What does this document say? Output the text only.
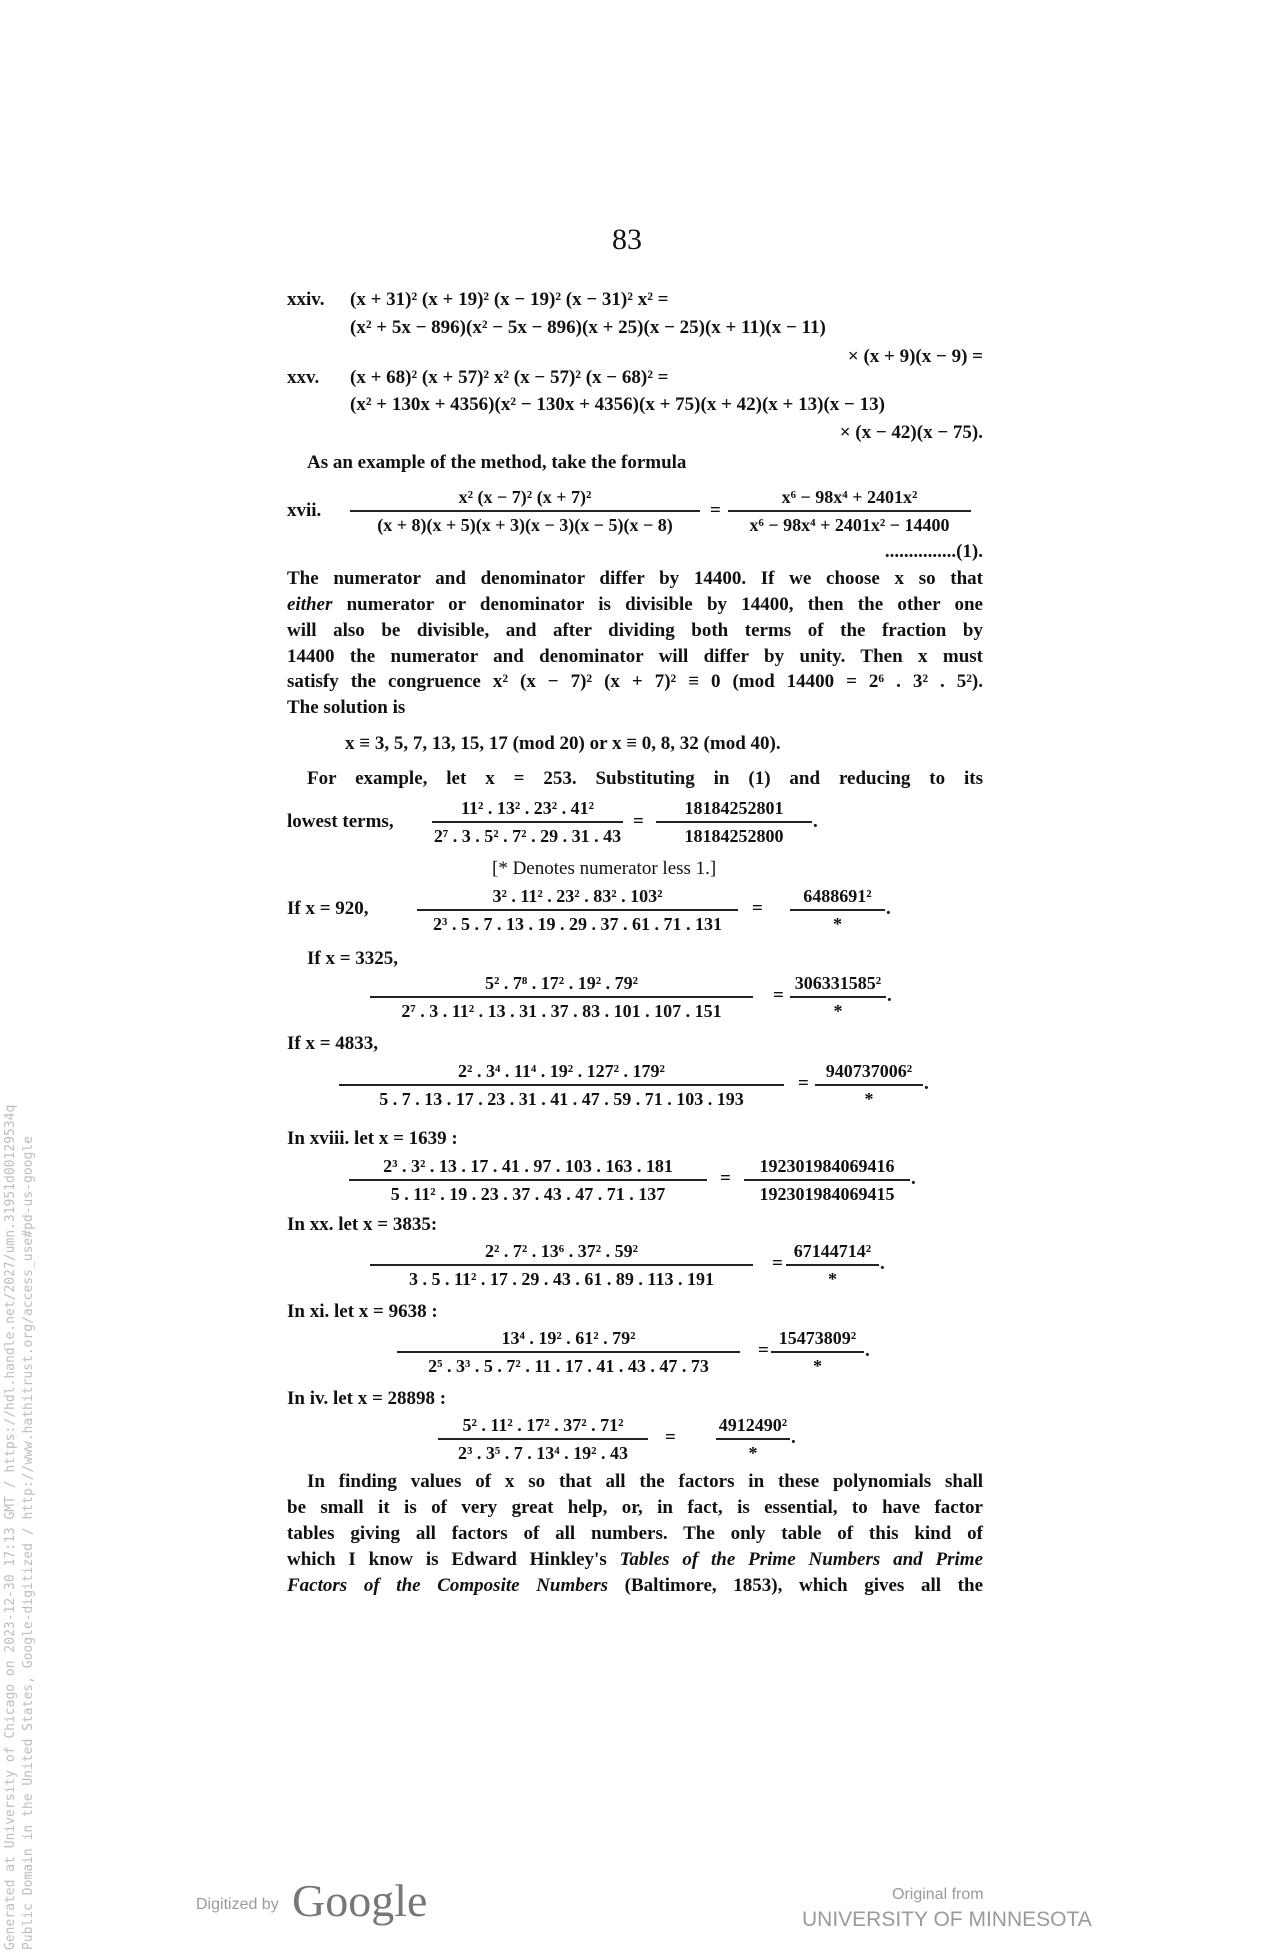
83
xxiv. (x + 31)² (x + 19)² (x − 19)² (x − 31)² x² =
(x² + 5x − 896)(x² − 5x − 896)(x + 25)(x − 25)(x + 11)(x − 11)
× (x + 9)(x − 9) =
xxv. (x + 68)² (x + 57)² x² (x − 57)² (x − 68)² =
(x² + 130x + 4356)(x² − 130x + 4356)(x + 75)(x + 42)(x + 13)(x − 13)
× (x − 42)(x − 75).
As an example of the method, take the formula
xvii.
x² (x − 7)² (x + 7)²
(x + 8)(x + 5)(x + 3)(x − 3)(x − 5)(x − 8)
=
x⁶ − 98x⁴ + 2401x²
x⁶ − 98x⁴ + 2401x² − 14400
...............(1).
The numerator and denominator differ by 14400. If we choose x so that
either numerator or denominator is divisible by 14400, then the other one
will also be divisible, and after dividing both terms of the fraction by
14400 the numerator and denominator will differ by unity. Then x must
satisfy the congruence x² (x − 7)² (x + 7)² ≡ 0 (mod 14400 = 2⁶ . 3² . 5²).
The solution is
x ≡ 3, 5, 7, 13, 15, 17 (mod 20) or x ≡ 0, 8, 32 (mod 40).
For example, let x = 253. Substituting in (1) and reducing to its
lowest terms,
11² . 13² . 23² . 41²
2⁷ . 3 . 5² . 7² . 29 . 31 . 43
=
18184252801
18184252800
.
[* Denotes numerator less 1.]
If x = 920,
3² . 11² . 23² . 83² . 103²
2³ . 5 . 7 . 13 . 19 . 29 . 37 . 61 . 71 . 131
=
6488691²
*
.
If x = 3325,
5² . 7⁸ . 17² . 19² . 79²
2⁷ . 3 . 11² . 13 . 31 . 37 . 83 . 101 . 107 . 151
=
306331585²
*
.
If x = 4833,
2² . 3⁴ . 11⁴ . 19² . 127² . 179²
5 . 7 . 13 . 17 . 23 . 31 . 41 . 47 . 59 . 71 . 103 . 193
=
940737006²
*
.
In xviii. let x = 1639 :
2³ . 3² . 13 . 17 . 41 . 97 . 103 . 163 . 181
5 . 11² . 19 . 23 . 37 . 43 . 47 . 71 . 137
=
192301984069416
192301984069415
.
In xx. let x = 3835:
2² . 7² . 13⁶ . 37² . 59²
3 . 5 . 11² . 17 . 29 . 43 . 61 . 89 . 113 . 191
=
67144714²
*
.
In xi. let x = 9638 :
13⁴ . 19² . 61² . 79²
2⁵ . 3³ . 5 . 7² . 11 . 17 . 41 . 43 . 47 . 73
=
15473809²
*
.
In iv. let x = 28898 :
5² . 11² . 17² . 37² . 71²
2³ . 3⁵ . 7 . 13⁴ . 19² . 43
=
4912490²
*
.
In finding values of x so that all the factors in these polynomials shall
be small it is of very great help, or, in fact, is essential, to have factor
tables giving all factors of all numbers. The only table of this kind of
which I know is Edward Hinkley's Tables of the Prime Numbers and Prime
Factors of the Composite Numbers (Baltimore, 1853), which gives all the
Generated at University of Chicago on 2023-12-30 17:13 GMT / https://hdl.handle.net/2027/umn.31951d00129534q Public Domain in the United States, Google-digitized / http://www.hathitrust.org/access_use#pd-us-google	Digitized by Google	Original from
UNIVERSITY OF MINNESOTA
